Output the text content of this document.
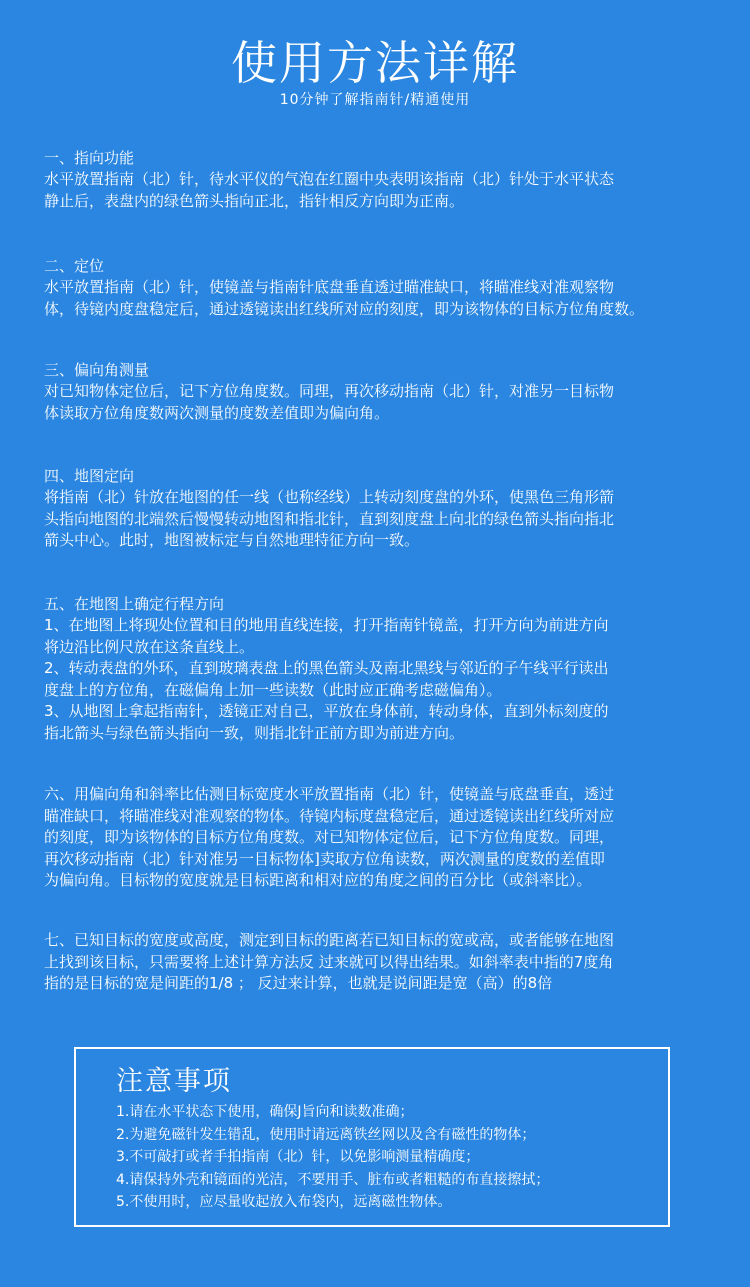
使用方法详解
10分钟了解指南针/精通使用
一、指向功能

水平放置指南（北）针，待水平仪的气泡在红圈中央表明该指南（北）针处于水平状态

静止后，表盘内的绿色箭头指向正北，指针相反方向即为正南。

二、定位

水平放置指南（北）针，使镜盖与指南针底盘垂直透过瞄准缺口，将瞄准线对准观察物

体，待镜内度盘稳定后，通过透镜读出红线所对应的刻度，即为该物体的目标方位角度数。

三、偏向角测量

对已知物体定位后，记下方位角度数。同理，再次移动指南（北）针，对准另一目标物

体读取方位角度数两次测量的度数差值即为偏向角。

四、地图定向

将指南（北）针放在地图的任一线（也称经线）上转动刻度盘的外环，使黑色三角形箭

头指向地图的北端然后慢慢转动地图和指北针，直到刻度盘上向北的绿色箭头指向指北

箭头中心。此时，地图被标定与自然地理特征方向一致。

五、在地图上确定行程方向

1、在地图上将现处位置和目的地用直线连接，打开指南针镜盖，打开方向为前进方向

将边沿比例尺放在这条直线上。

2、转动表盘的外环，直到玻璃表盘上的黑色箭头及南北黑线与邻近的子午线平行读出

度盘上的方位角，在磁偏角上加一些读数（此时应正确考虑磁偏角）。

3、从地图上拿起指南针，透镜正对自己，平放在身体前，转动身体，直到外标刻度的

指北箭头与绿色箭头指向一致，则指北针正前方即为前进方向。

六、用偏向角和斜率比估测目标宽度水平放置指南（北）针，使镜盖与底盘垂直，透过

瞄准缺口，将瞄准线对准观察的物体。待镜内标度盘稳定后，通过透镜读出红线所对应

的刻度，即为该物体的目标方位角度数。对已知物体定位后，记下方位角度数。同理，

再次移动指南（北）针对准另一目标物体]卖取方位角读数，两次测量的度数的差值即

为偏向角。目标物的宽度就是目标距离和相对应的角度之间的百分比（或斜率比）。

七、已知目标的宽度或高度，测定到目标的距离若已知目标的宽或高，或者能够在地图

上找到该目标，只需要将上述计算方法反 过来就可以得出结果。如斜率表中指的7度角

指的是目标的宽是间距的1/8 ； 反过来计算，也就是说间距是宽（高）的8倍

注意事项
1.请在水平状态下使用，确保J旨向和读数准确；
2.为避免磁针发生错乱，使用时请远离铁丝网以及含有磁性的物体；
3.不可敲打或者手拍指南（北）针，以免影响测量精确度；
4.请保持外壳和镜面的光洁，不要用手、脏布或者粗糙的布直接擦拭；
5.不使用时，应尽量收起放入布袋内，远离磁性物体。
